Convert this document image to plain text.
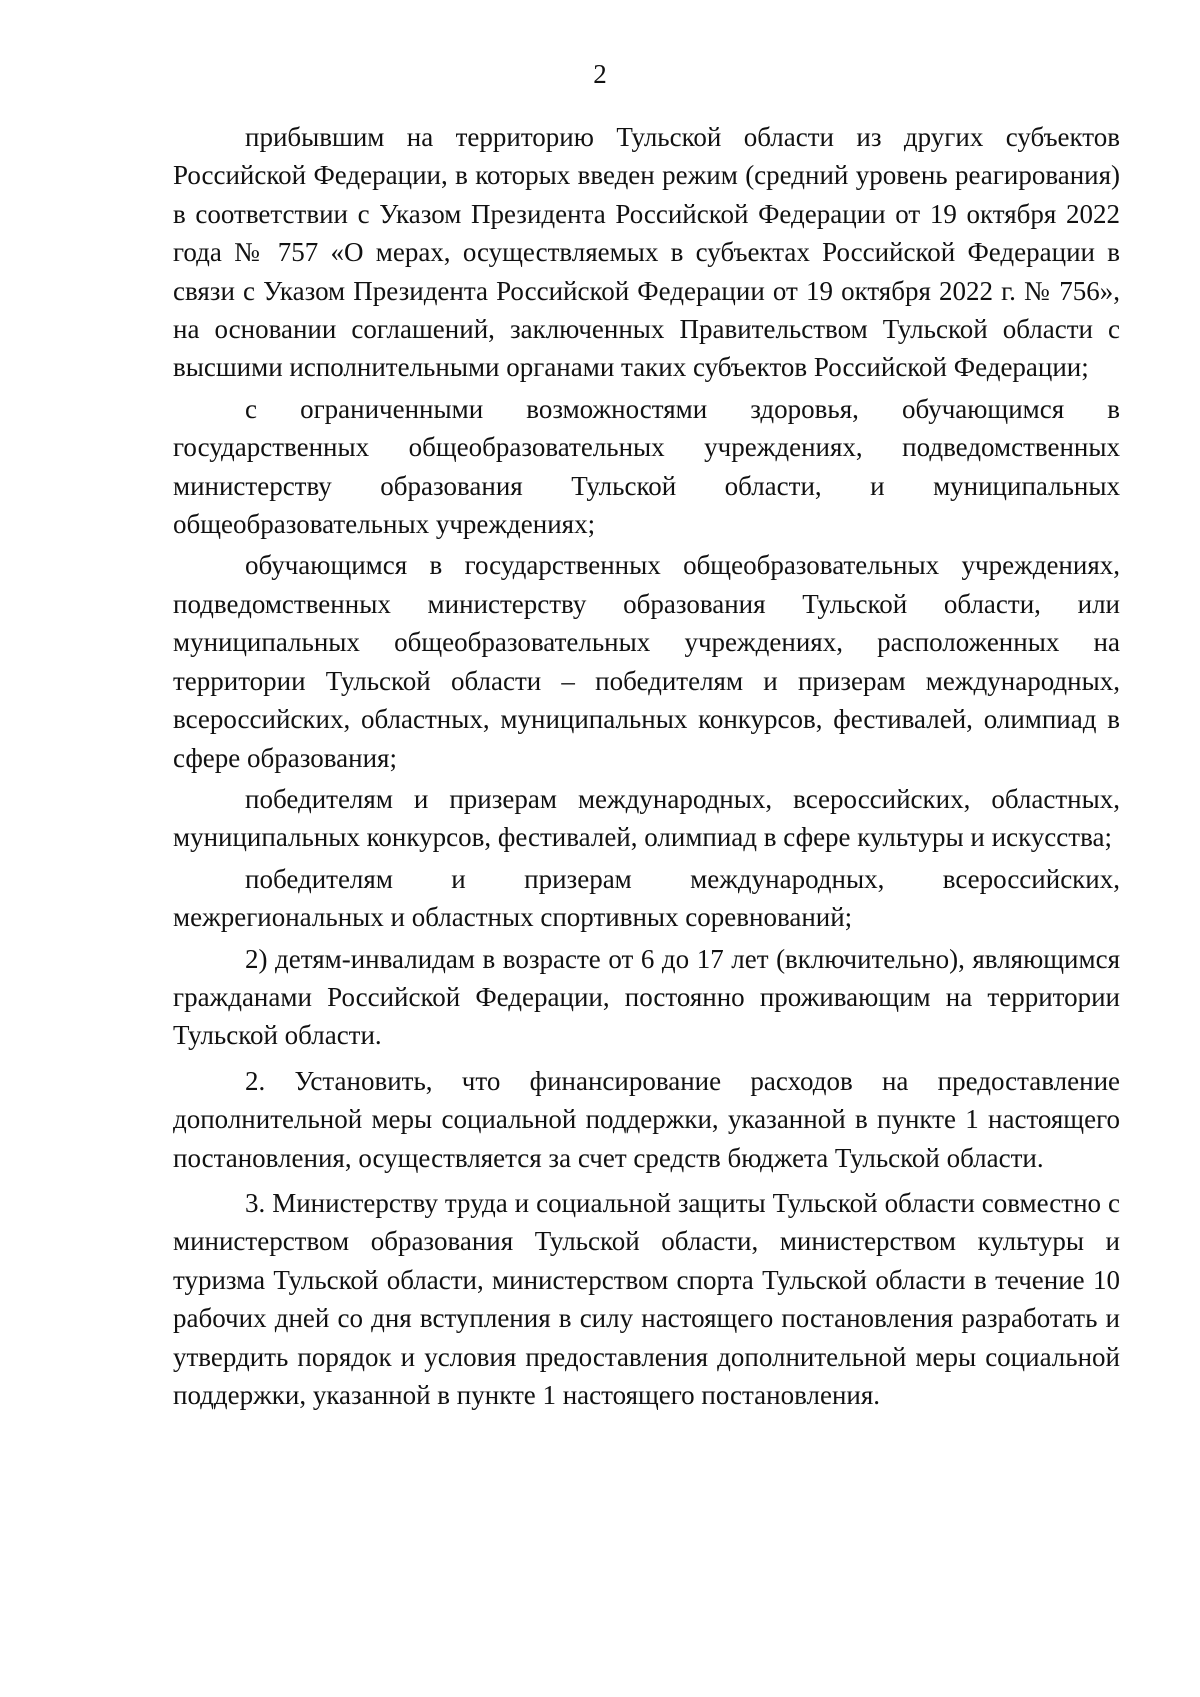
2

прибывшим на территорию Тульской области из других субъектов Российской Федерации, в которых введен режим (средний уровень реагирования) в соответствии с Указом Президента Российской Федерации от 19 октября 2022 года № 757 «О мерах, осуществляемых в субъектах Российской Федерации в связи с Указом Президента Российской Федерации от 19 октября 2022 г. № 756», на основании соглашений, заключенных Правительством Тульской области с высшими исполнительными органами таких субъектов Российской Федерации;

с ограниченными возможностями здоровья, обучающимся в государственных общеобразовательных учреждениях, подведомственных министерству образования Тульской области, и муниципальных общеобразовательных учреждениях;

обучающимся в государственных общеобразовательных учреждениях, подведомственных министерству образования Тульской области, или муниципальных общеобразовательных учреждениях, расположенных на территории Тульской области – победителям и призерам международных, всероссийских, областных, муниципальных конкурсов, фестивалей, олимпиад в сфере образования;

победителям и призерам международных, всероссийских, областных, муниципальных конкурсов, фестивалей, олимпиад в сфере культуры и искусства;

победителям и призерам международных, всероссийских, межрегиональных и областных спортивных соревнований;

2) детям-инвалидам в возрасте от 6 до 17 лет (включительно), являющимся гражданами Российской Федерации, постоянно проживающим на территории Тульской области.

2. Установить, что финансирование расходов на предоставление дополнительной меры социальной поддержки, указанной в пункте 1 настоящего постановления, осуществляется за счет средств бюджета Тульской области.

3. Министерству труда и социальной защиты Тульской области совместно с министерством образования Тульской области, министерством культуры и туризма Тульской области, министерством спорта Тульской области в течение 10 рабочих дней со дня вступления в силу настоящего постановления разработать и утвердить порядок и условия предоставления дополнительной меры социальной поддержки, указанной в пункте 1 настоящего постановления.
